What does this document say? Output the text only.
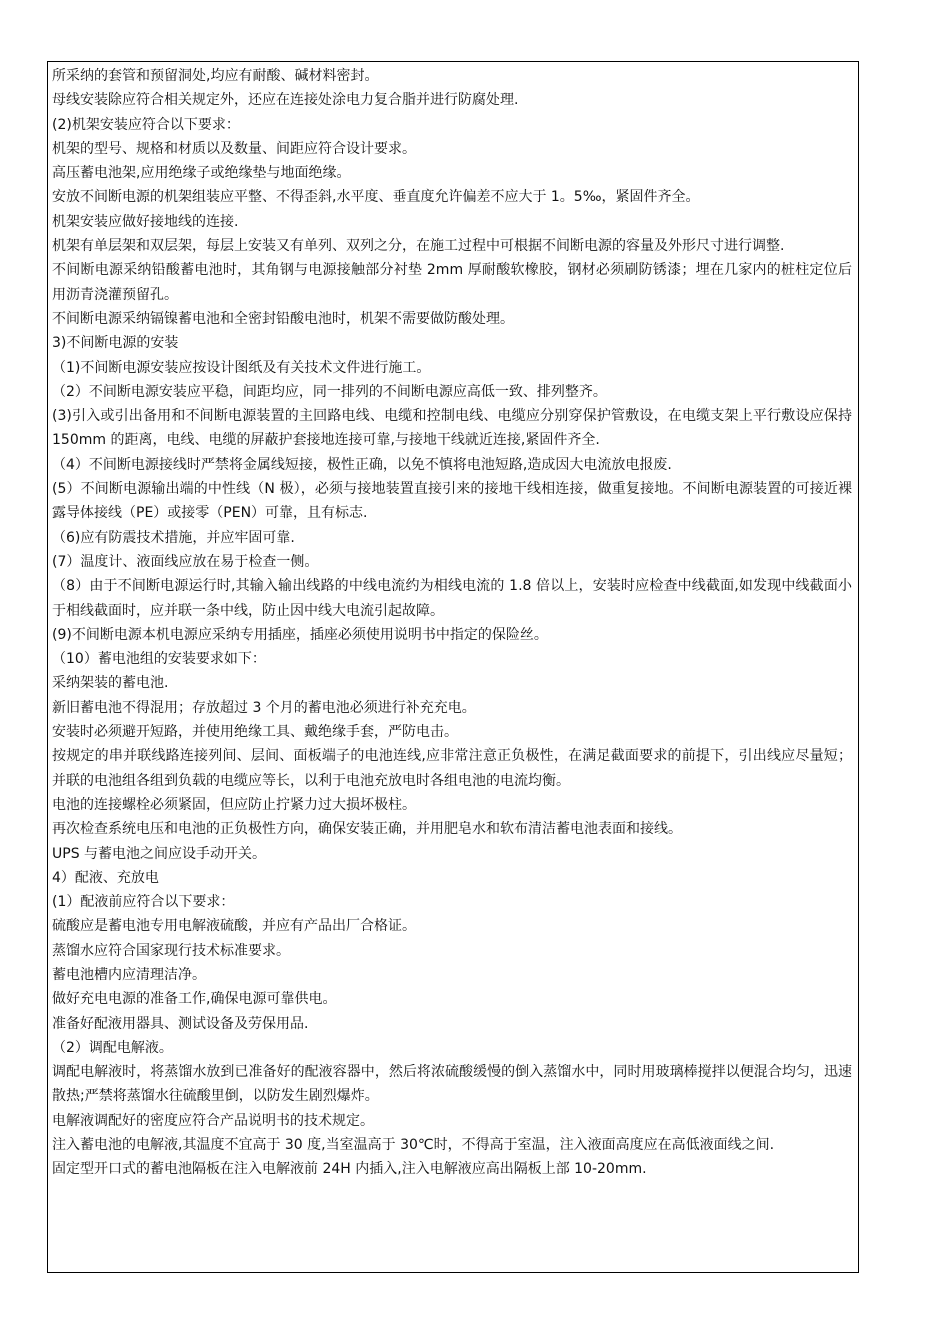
所采纳的套管和预留洞处,均应有耐酸、碱材料密封。

母线安装除应符合相关规定外，还应在连接处涂电力复合脂并进行防腐处理.

(2)机架安装应符合以下要求：

机架的型号、规格和材质以及数量、间距应符合设计要求。

高压蓄电池架,应用绝缘子或绝缘垫与地面绝缘。

安放不间断电源的机架组装应平整、不得歪斜,水平度、垂直度允许偏差不应大于 1。5‰，紧固件齐全。

机架安装应做好接地线的连接.

机架有单层架和双层架，每层上安装又有单列、双列之分，在施工过程中可根据不间断电源的容量及外形尺寸进行调整.

不间断电源采纳铅酸蓄电池时，其角钢与电源接触部分衬垫 2mm 厚耐酸软橡胶，钢材必须刷防锈漆；埋在几家内的桩柱定位后用沥青浇灌预留孔。

不间断电源采纳镉镍蓄电池和全密封铅酸电池时，机架不需要做防酸处理。

3)不间断电源的安装

（1)不间断电源安装应按设计图纸及有关技术文件进行施工。

（2）不间断电源安装应平稳，间距均应，同一排列的不间断电源应高低一致、排列整齐。

(3)引入或引出备用和不间断电源装置的主回路电线、电缆和控制电线、电缆应分别穿保护管敷设，在电缆支架上平行敷设应保持 150mm 的距离，电线、电缆的屏蔽护套接地连接可靠,与接地干线就近连接,紧固件齐全.

（4）不间断电源接线时严禁将金属线短接，极性正确，以免不慎将电池短路,造成因大电流放电报废.

(5）不间断电源输出端的中性线（N 极），必须与接地装置直接引来的接地干线相连接，做重复接地。不间断电源装置的可接近裸露导体接线（PE）或接零（PEN）可靠，且有标志.

（6)应有防震技术措施，并应牢固可靠.

(7）温度计、液面线应放在易于检查一侧。

（8）由于不间断电源运行时,其输入输出线路的中线电流约为相线电流的 1.8 倍以上，安装时应检查中线截面,如发现中线截面小于相线截面时，应并联一条中线，防止因中线大电流引起故障。

(9)不间断电源本机电源应采纳专用插座，插座必须使用说明书中指定的保险丝。

（10）蓄电池组的安装要求如下：

采纳架装的蓄电池.

新旧蓄电池不得混用；存放超过 3 个月的蓄电池必须进行补充充电。

安装时必须避开短路，并使用绝缘工具、戴绝缘手套，严防电击。

按规定的串并联线路连接列间、层间、面板端子的电池连线,应非常注意正负极性，在满足截面要求的前提下，引出线应尽量短；并联的电池组各组到负载的电缆应等长，以利于电池充放电时各组电池的电流均衡。

电池的连接螺栓必须紧固，但应防止拧紧力过大损坏极柱。

再次检查系统电压和电池的正负极性方向，确保安装正确，并用肥皂水和软布清洁蓄电池表面和接线。

UPS 与蓄电池之间应设手动开关。

4）配液、充放电

(1）配液前应符合以下要求：

硫酸应是蓄电池专用电解液硫酸，并应有产品出厂合格证。

蒸馏水应符合国家现行技术标准要求。

蓄电池槽内应清理洁净。

做好充电电源的准备工作,确保电源可靠供电。

准备好配液用器具、测试设备及劳保用品.

（2）调配电解液。

调配电解液时，将蒸馏水放到已准备好的配液容器中，然后将浓硫酸缓慢的倒入蒸馏水中，同时用玻璃棒搅拌以便混合均匀，迅速散热;严禁将蒸馏水往硫酸里倒，以防发生剧烈爆炸。

电解液调配好的密度应符合产品说明书的技术规定。

注入蓄电池的电解液,其温度不宜高于 30 度,当室温高于 30℃时，不得高于室温，注入液面高度应在高低液面线之间.

固定型开口式的蓄电池隔板在注入电解液前 24H 内插入,注入电解液应高出隔板上部 10-20mm.
